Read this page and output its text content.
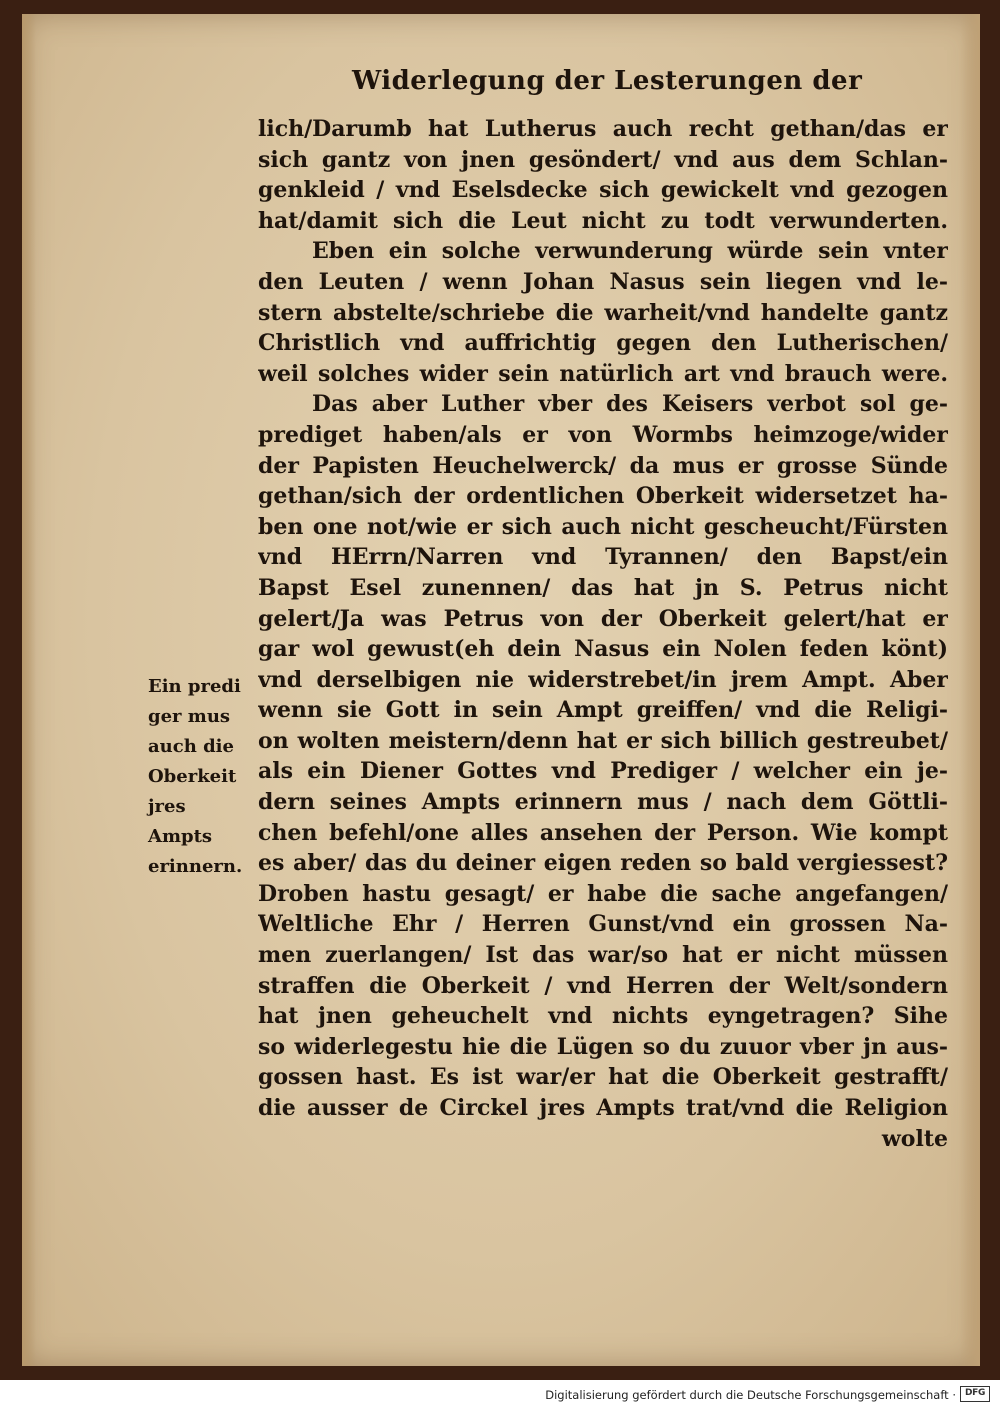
Widerlegung der Lesterungen der
lich/Darumb hat Lutherus auch recht gethan/das er
sich gantz von jnen gesöndert/ vnd aus dem Schlan-
genkleid / vnd Eselsdecke sich gewickelt vnd gezogen
hat/damit sich die Leut nicht zu todt verwunderten.
Eben ein solche verwunderung würde sein vnter
den Leuten / wenn Johan Nasus sein liegen vnd le-
stern abstelte/schriebe die warheit/vnd handelte gantz
Christlich vnd auffrichtig gegen den Lutherischen/
weil solches wider sein natürlich art vnd brauch were.
Das aber Luther vber des Keisers verbot sol ge-
prediget haben/als er von Wormbs heimzoge/wider
der Papisten Heuchelwerck/ da mus er grosse Sünde
gethan/sich der ordentlichen Oberkeit widersetzet ha-
ben one not/wie er sich auch nicht gescheucht/Fürsten
vnd HErrn/Narren vnd Tyrannen/ den Bapst/ein
Bapst Esel zunennen/ das hat jn S. Petrus nicht
gelert/Ja was Petrus von der Oberkeit gelert/hat er
gar wol gewust(eh dein Nasus ein Nolen feden könt)
vnd derselbigen nie widerstrebet/in jrem Ampt. Aber
wenn sie Gott in sein Ampt greiffen/ vnd die Religi-
on wolten meistern/denn hat er sich billich gestreubet/
als ein Diener Gottes vnd Prediger / welcher ein je-
dern seines Ampts erinnern mus / nach dem Göttli-
chen befehl/one alles ansehen der Person. Wie kompt
es aber/ das du deiner eigen reden so bald vergiessest?
Droben hastu gesagt/ er habe die sache angefangen/
Weltliche Ehr / Herren Gunst/vnd ein grossen Na-
men zuerlangen/ Ist das war/so hat er nicht müssen
straffen die Oberkeit / vnd Herren der Welt/sondern
hat jnen geheuchelt vnd nichts eyngetragen? Sihe
so widerlegestu hie die Lügen so du zuuor vber jn aus-
gossen hast. Es ist war/er hat die Oberkeit gestrafft/
die ausser de Circkel jres Ampts trat/vnd die Religion
wolte
Ein predi
ger mus
auch die
Oberkeit
jres
Ampts
erinnern.
Digitalisierung gefördert durch die Deutsche Forschungsgemeinschaft · DFG
